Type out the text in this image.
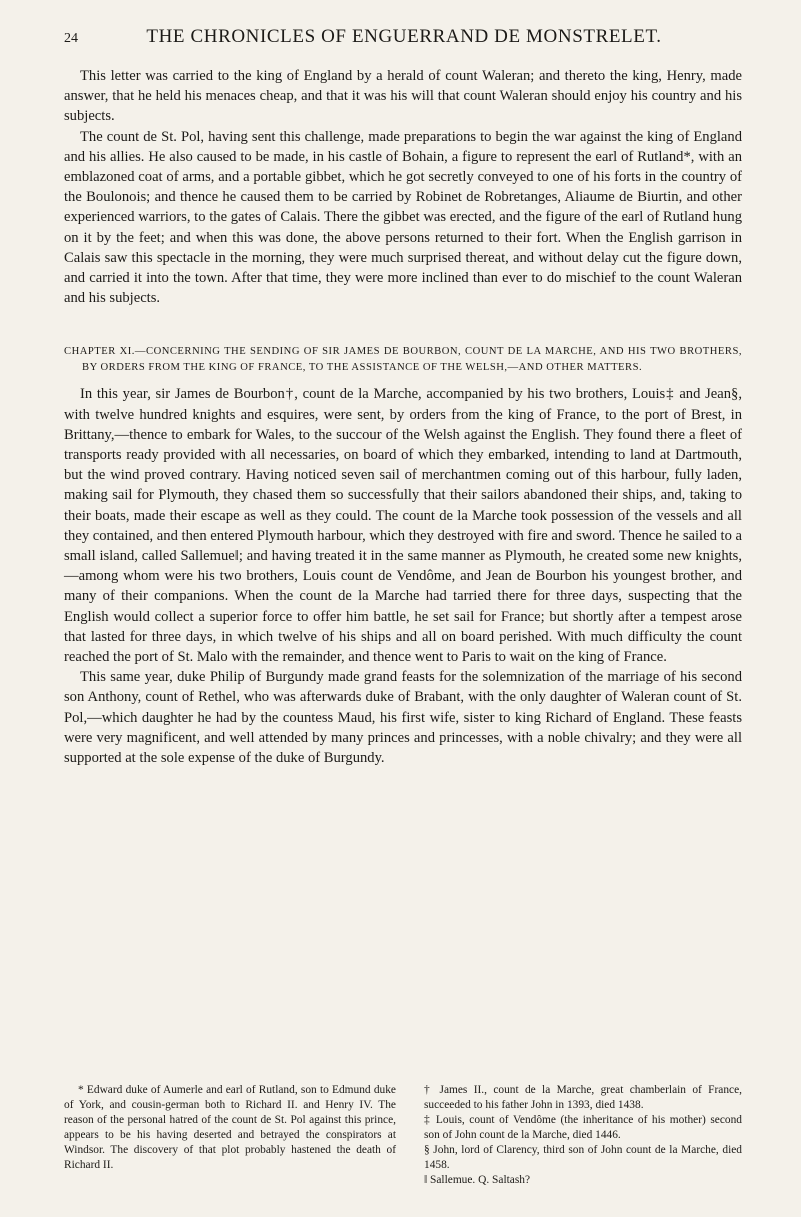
24	THE CHRONICLES OF ENGUERRAND DE MONSTRELET.

This letter was carried to the king of England by a herald of count Waleran; and thereto the king, Henry, made answer, that he held his menaces cheap, and that it was his will that count Waleran should enjoy his country and his subjects.

The count de St. Pol, having sent this challenge, made preparations to begin the war against the king of England and his allies. He also caused to be made, in his castle of Bohain, a figure to represent the earl of Rutland*, with an emblazoned coat of arms, and a portable gibbet, which he got secretly conveyed to one of his forts in the country of the Boulonois; and thence he caused them to be carried by Robinet de Robretanges, Aliaume de Biurtin, and other experienced warriors, to the gates of Calais. There the gibbet was erected, and the figure of the earl of Rutland hung on it by the feet; and when this was done, the above persons returned to their fort. When the English garrison in Calais saw this spectacle in the morning, they were much surprised thereat, and without delay cut the figure down, and carried it into the town. After that time, they were more inclined than ever to do mischief to the count Waleran and his subjects.

CHAPTER XI.—CONCERNING THE SENDING OF SIR JAMES DE BOURBON, COUNT DE LA MARCHE, AND HIS TWO BROTHERS, BY ORDERS FROM THE KING OF FRANCE, TO THE ASSISTANCE OF THE WELSH,—AND OTHER MATTERS.

In this year, sir James de Bourbon†, count de la Marche, accompanied by his two brothers, Louis‡ and Jean§, with twelve hundred knights and esquires, were sent, by orders from the king of France, to the port of Brest, in Brittany,—thence to embark for Wales, to the succour of the Welsh against the English. They found there a fleet of transports ready provided with all necessaries, on board of which they embarked, intending to land at Dartmouth, but the wind proved contrary. Having noticed seven sail of merchantmen coming out of this harbour, fully laden, making sail for Plymouth, they chased them so successfully that their sailors abandoned their ships, and, taking to their boats, made their escape as well as they could. The count de la Marche took possession of the vessels and all they contained, and then entered Plymouth harbour, which they destroyed with fire and sword. Thence he sailed to a small island, called Sallemue‖; and having treated it in the same manner as Plymouth, he created some new knights,—among whom were his two brothers, Louis count de Vendôme, and Jean de Bourbon his youngest brother, and many of their companions. When the count de la Marche had tarried there for three days, suspecting that the English would collect a superior force to offer him battle, he set sail for France; but shortly after a tempest arose that lasted for three days, in which twelve of his ships and all on board perished. With much difficulty the count reached the port of St. Malo with the remainder, and thence went to Paris to wait on the king of France.

This same year, duke Philip of Burgundy made grand feasts for the solemnization of the marriage of his second son Anthony, count of Rethel, who was afterwards duke of Brabant, with the only daughter of Waleran count of St. Pol,—which daughter he had by the countess Maud, his first wife, sister to king Richard of England. These feasts were very magnificent, and well attended by many princes and princesses, with a noble chivalry; and they were all supported at the sole expense of the duke of Burgundy.

* Edward duke of Aumerle and earl of Rutland, son to Edmund duke of York, and cousin-german both to Richard II. and Henry IV. The reason of the personal hatred of the count de St. Pol against this prince, appears to be his having deserted and betrayed the conspirators at Windsor. The discovery of that plot probably hastened the death of Richard II.

† James II., count de la Marche, great chamberlain of France, succeeded to his father John in 1393, died 1438.

‡ Louis, count of Vendôme (the inheritance of his mother) second son of John count de la Marche, died 1446.

§ John, lord of Clarency, third son of John count de la Marche, died 1458.

‖ Sallemue. Q. Saltash?
